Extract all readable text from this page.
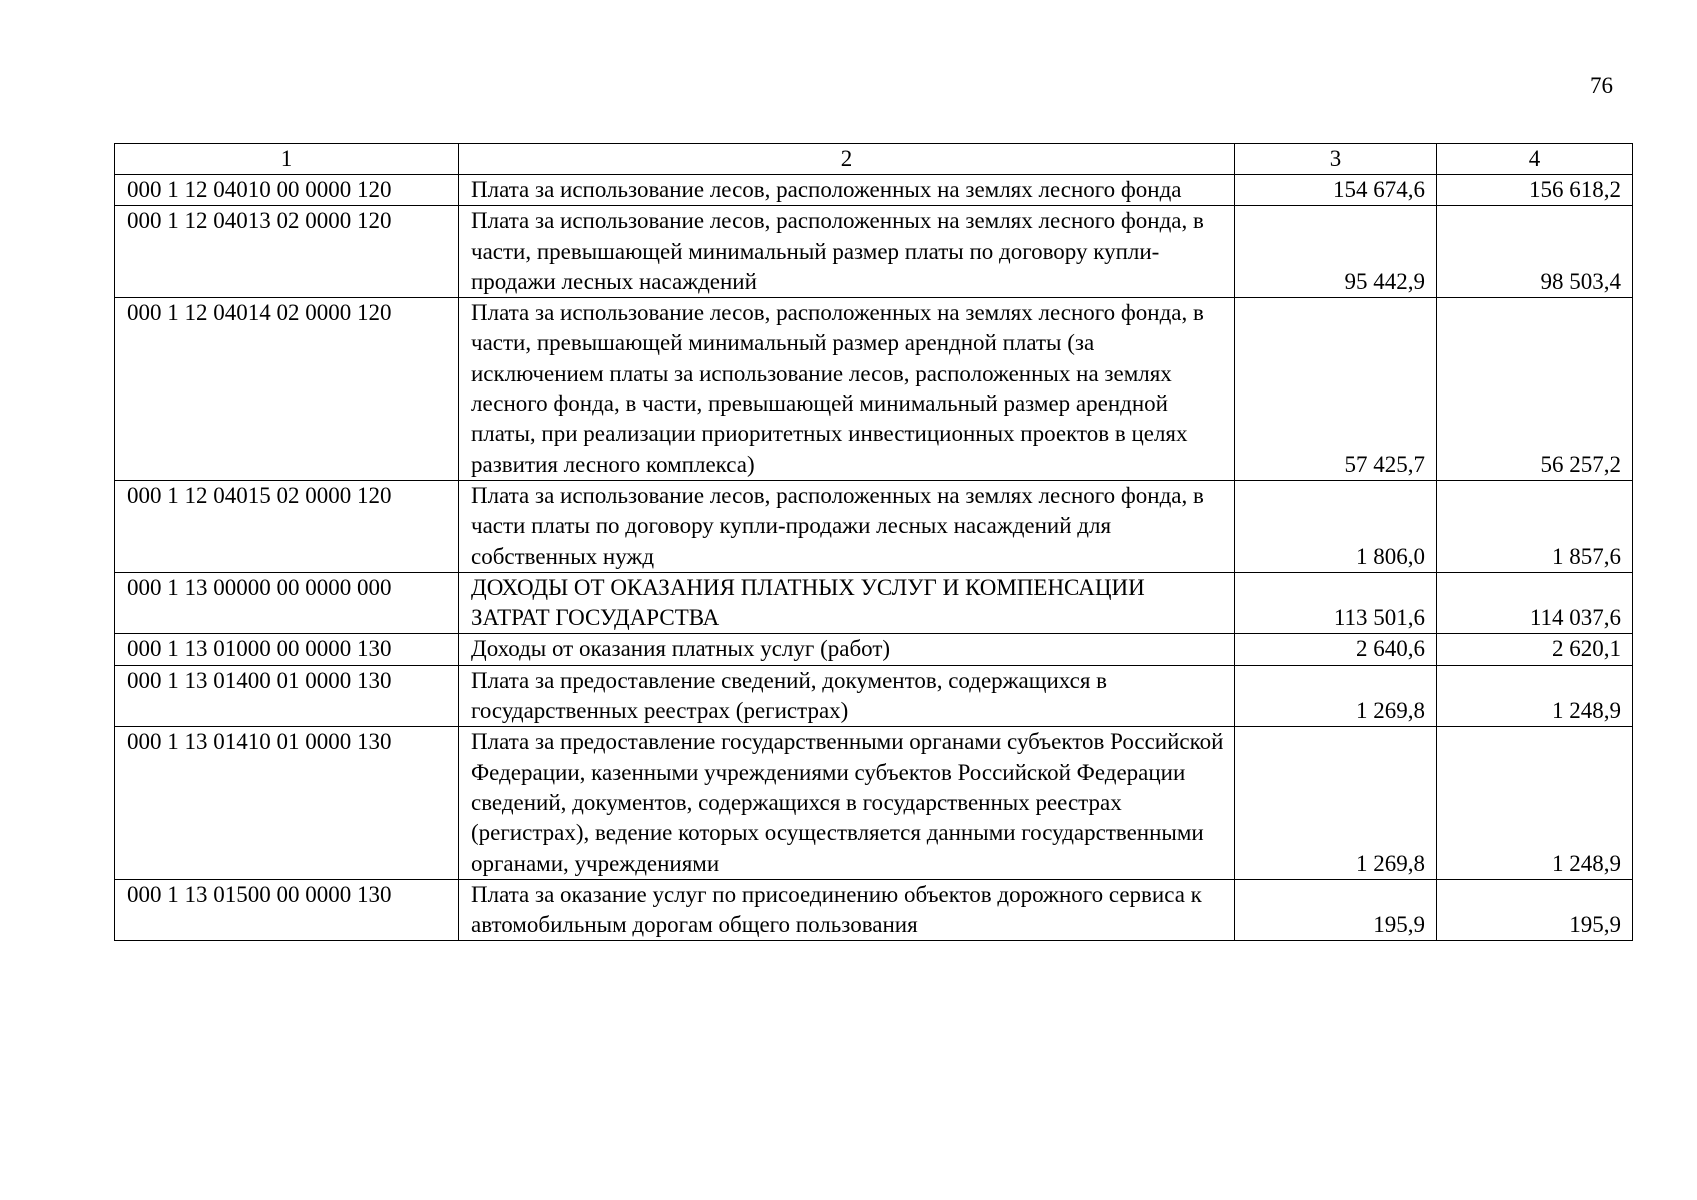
76
1	2	3	4
000 1 12 04010 00 0000 120	Плата за использование лесов, расположенных на землях лесного фонда	154 674,6	156 618,2
000 1 12 04013 02 0000 120	Плата за использование лесов, расположенных на землях лесного фонда, в части, превышающей минимальный размер платы по договору купли-продажи лесных насаждений	95 442,9	98 503,4
000 1 12 04014 02 0000 120	Плата за использование лесов, расположенных на землях лесного фонда, в части, превышающей минимальный размер арендной платы (за исключением платы за использование лесов, расположенных на землях лесного фонда, в части, превышающей минимальный размер арендной платы, при реализации приоритетных инвестиционных проектов в целях развития лесного комплекса)	57 425,7	56 257,2
000 1 12 04015 02 0000 120	Плата за использование лесов, расположенных на землях лесного фонда, в части платы по договору купли-продажи лесных насаждений для собственных нужд	1 806,0	1 857,6
000 1 13 00000 00 0000 000	ДОХОДЫ ОТ ОКАЗАНИЯ ПЛАТНЫХ УСЛУГ И КОМПЕНСАЦИИ ЗАТРАТ ГОСУДАРСТВА	113 501,6	114 037,6
000 1 13 01000 00 0000 130	Доходы от оказания платных услуг (работ)	2 640,6	2 620,1
000 1 13 01400 01 0000 130	Плата за предоставление сведений, документов, содержащихся в государственных реестрах (регистрах)	1 269,8	1 248,9
000 1 13 01410 01 0000 130	Плата за предоставление государственными органами субъектов Российской Федерации, казенными учреждениями субъектов Российской Федерации сведений, документов, содержащихся в государственных реестрах (регистрах), ведение которых осуществляется данными государственными органами, учреждениями	1 269,8	1 248,9
000 1 13 01500 00 0000 130	Плата за оказание услуг по присоединению объектов дорожного сервиса к автомобильным дорогам общего пользования	195,9	195,9
